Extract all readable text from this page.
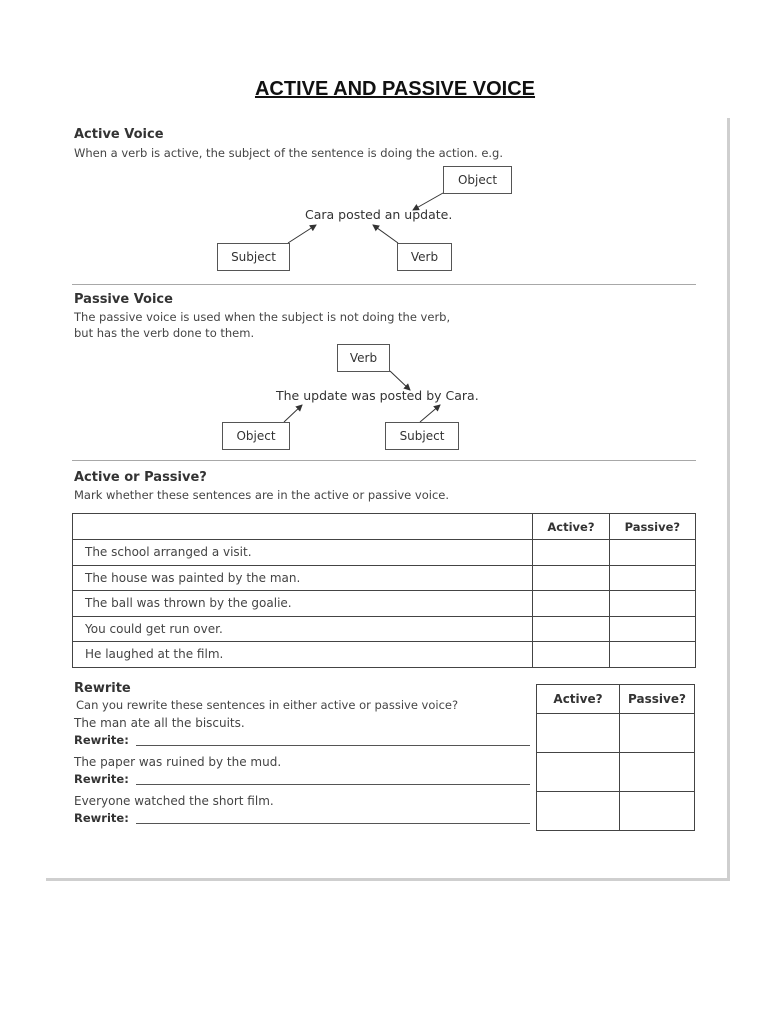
ACTIVE AND PASSIVE VOICE
Active Voice
When a verb is active, the subject of the sentence is doing the action. e.g.
Object
Cara posted an update.
Subject	Verb
Passive Voice
The passive voice is used when the subject is not doing the verb,
but has the verb done to them.
Verb
The update was posted by Cara.
Object	Subject
Active or Passive?
Mark whether these sentences are in the active or passive voice.
	Active?	Passive?
The school arranged a visit.		
The house was painted by the man.		
The ball was thrown by the goalie.		
You could get run over.		
He laughed at the film.		
Rewrite
Can you rewrite these sentences in either active or passive voice?
The man ate all the biscuits.
Rewrite:
The paper was ruined by the mud.
Rewrite:
Everyone watched the short film.
Rewrite:
Active?	Passive?
